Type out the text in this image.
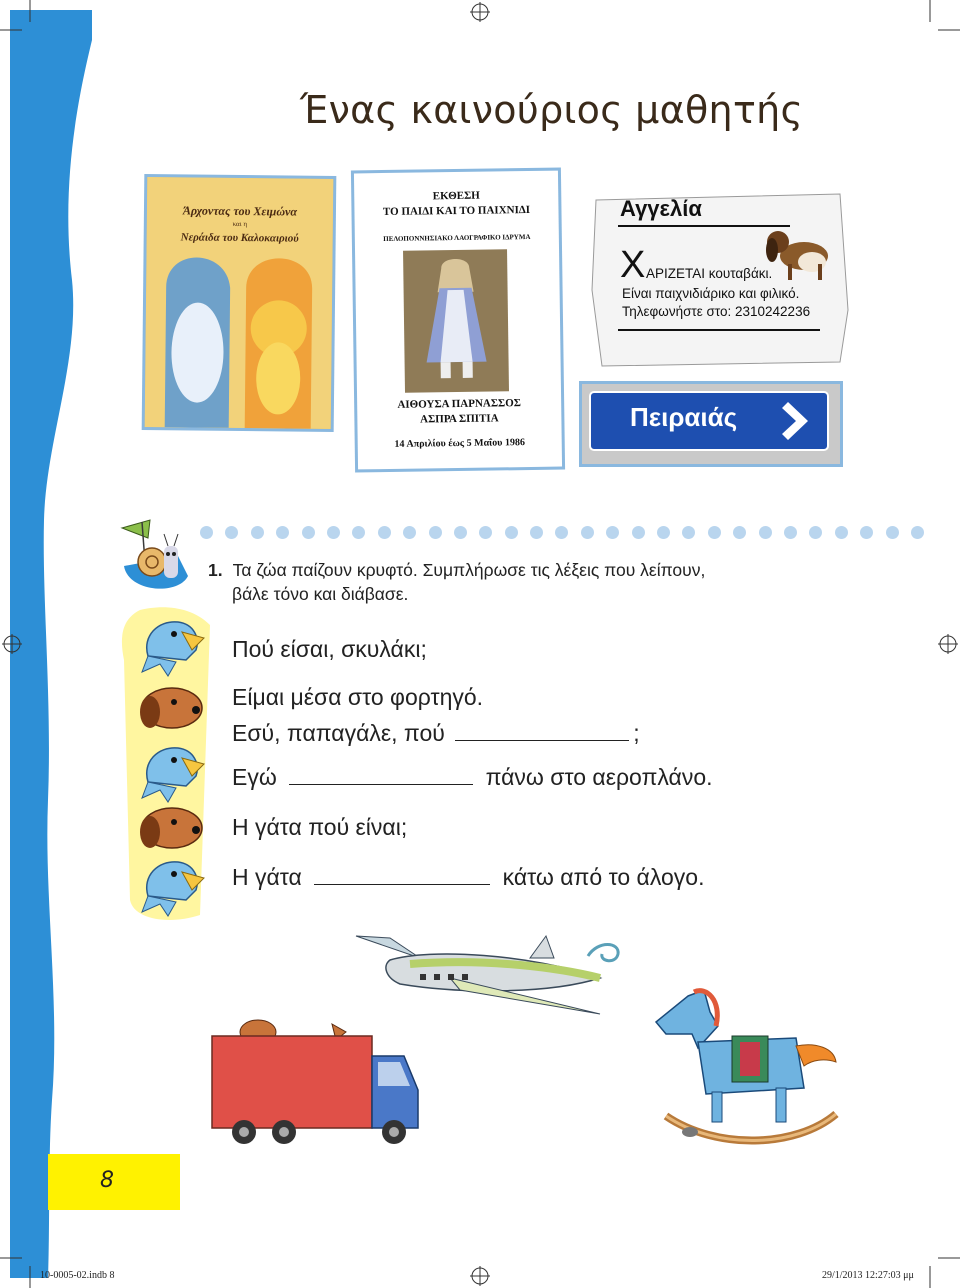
Ένας καινούριος μαθητής
Άρχοντας του Χειμώνα
και η
Νεράιδα του Καλοκαιριού
ΕΚΘΕΣΗ
ΤΟ ΠΑΙΔΙ ΚΑΙ ΤΟ ΠΑΙΧΝΙΔΙ
ΠΕΛΟΠΟΝΝΗΣΙΑΚΟ ΛΑΟΓΡΑΦΙΚΟ ΙΔΡΥΜΑ
ΑΙΘΟΥΣΑ ΠΑΡΝΑΣΣΟΣ
ΑΣΠΡΑ ΣΠΙΤΙΑ
14 Απριλίου έως 5 Μαΐου 1986
Αγγελία
Χ ΑΡΙΖΕΤΑΙ κουταβάκι.
Είναι παιχνιδιάρικο και φιλικό.
Τηλεφωνήστε στο: 2310242236
Πειραιάς
1. Τα ζώα παίζουν κρυφτό. Συμπλήρωσε τις λέξεις που λείπουν,
βάλε τόνο και διάβασε.
Πού είσαι, σκυλάκι;
Είμαι μέσα στο φορτηγό.
Εσύ, παπαγάλε, πού	;
Εγώ	πάνω στο αεροπλάνο.
Η γάτα πού είναι;
Η γάτα	κάτω από το άλογο.
8
10-0005-02.indb 8	29/1/2013 12:27:03 μμ
